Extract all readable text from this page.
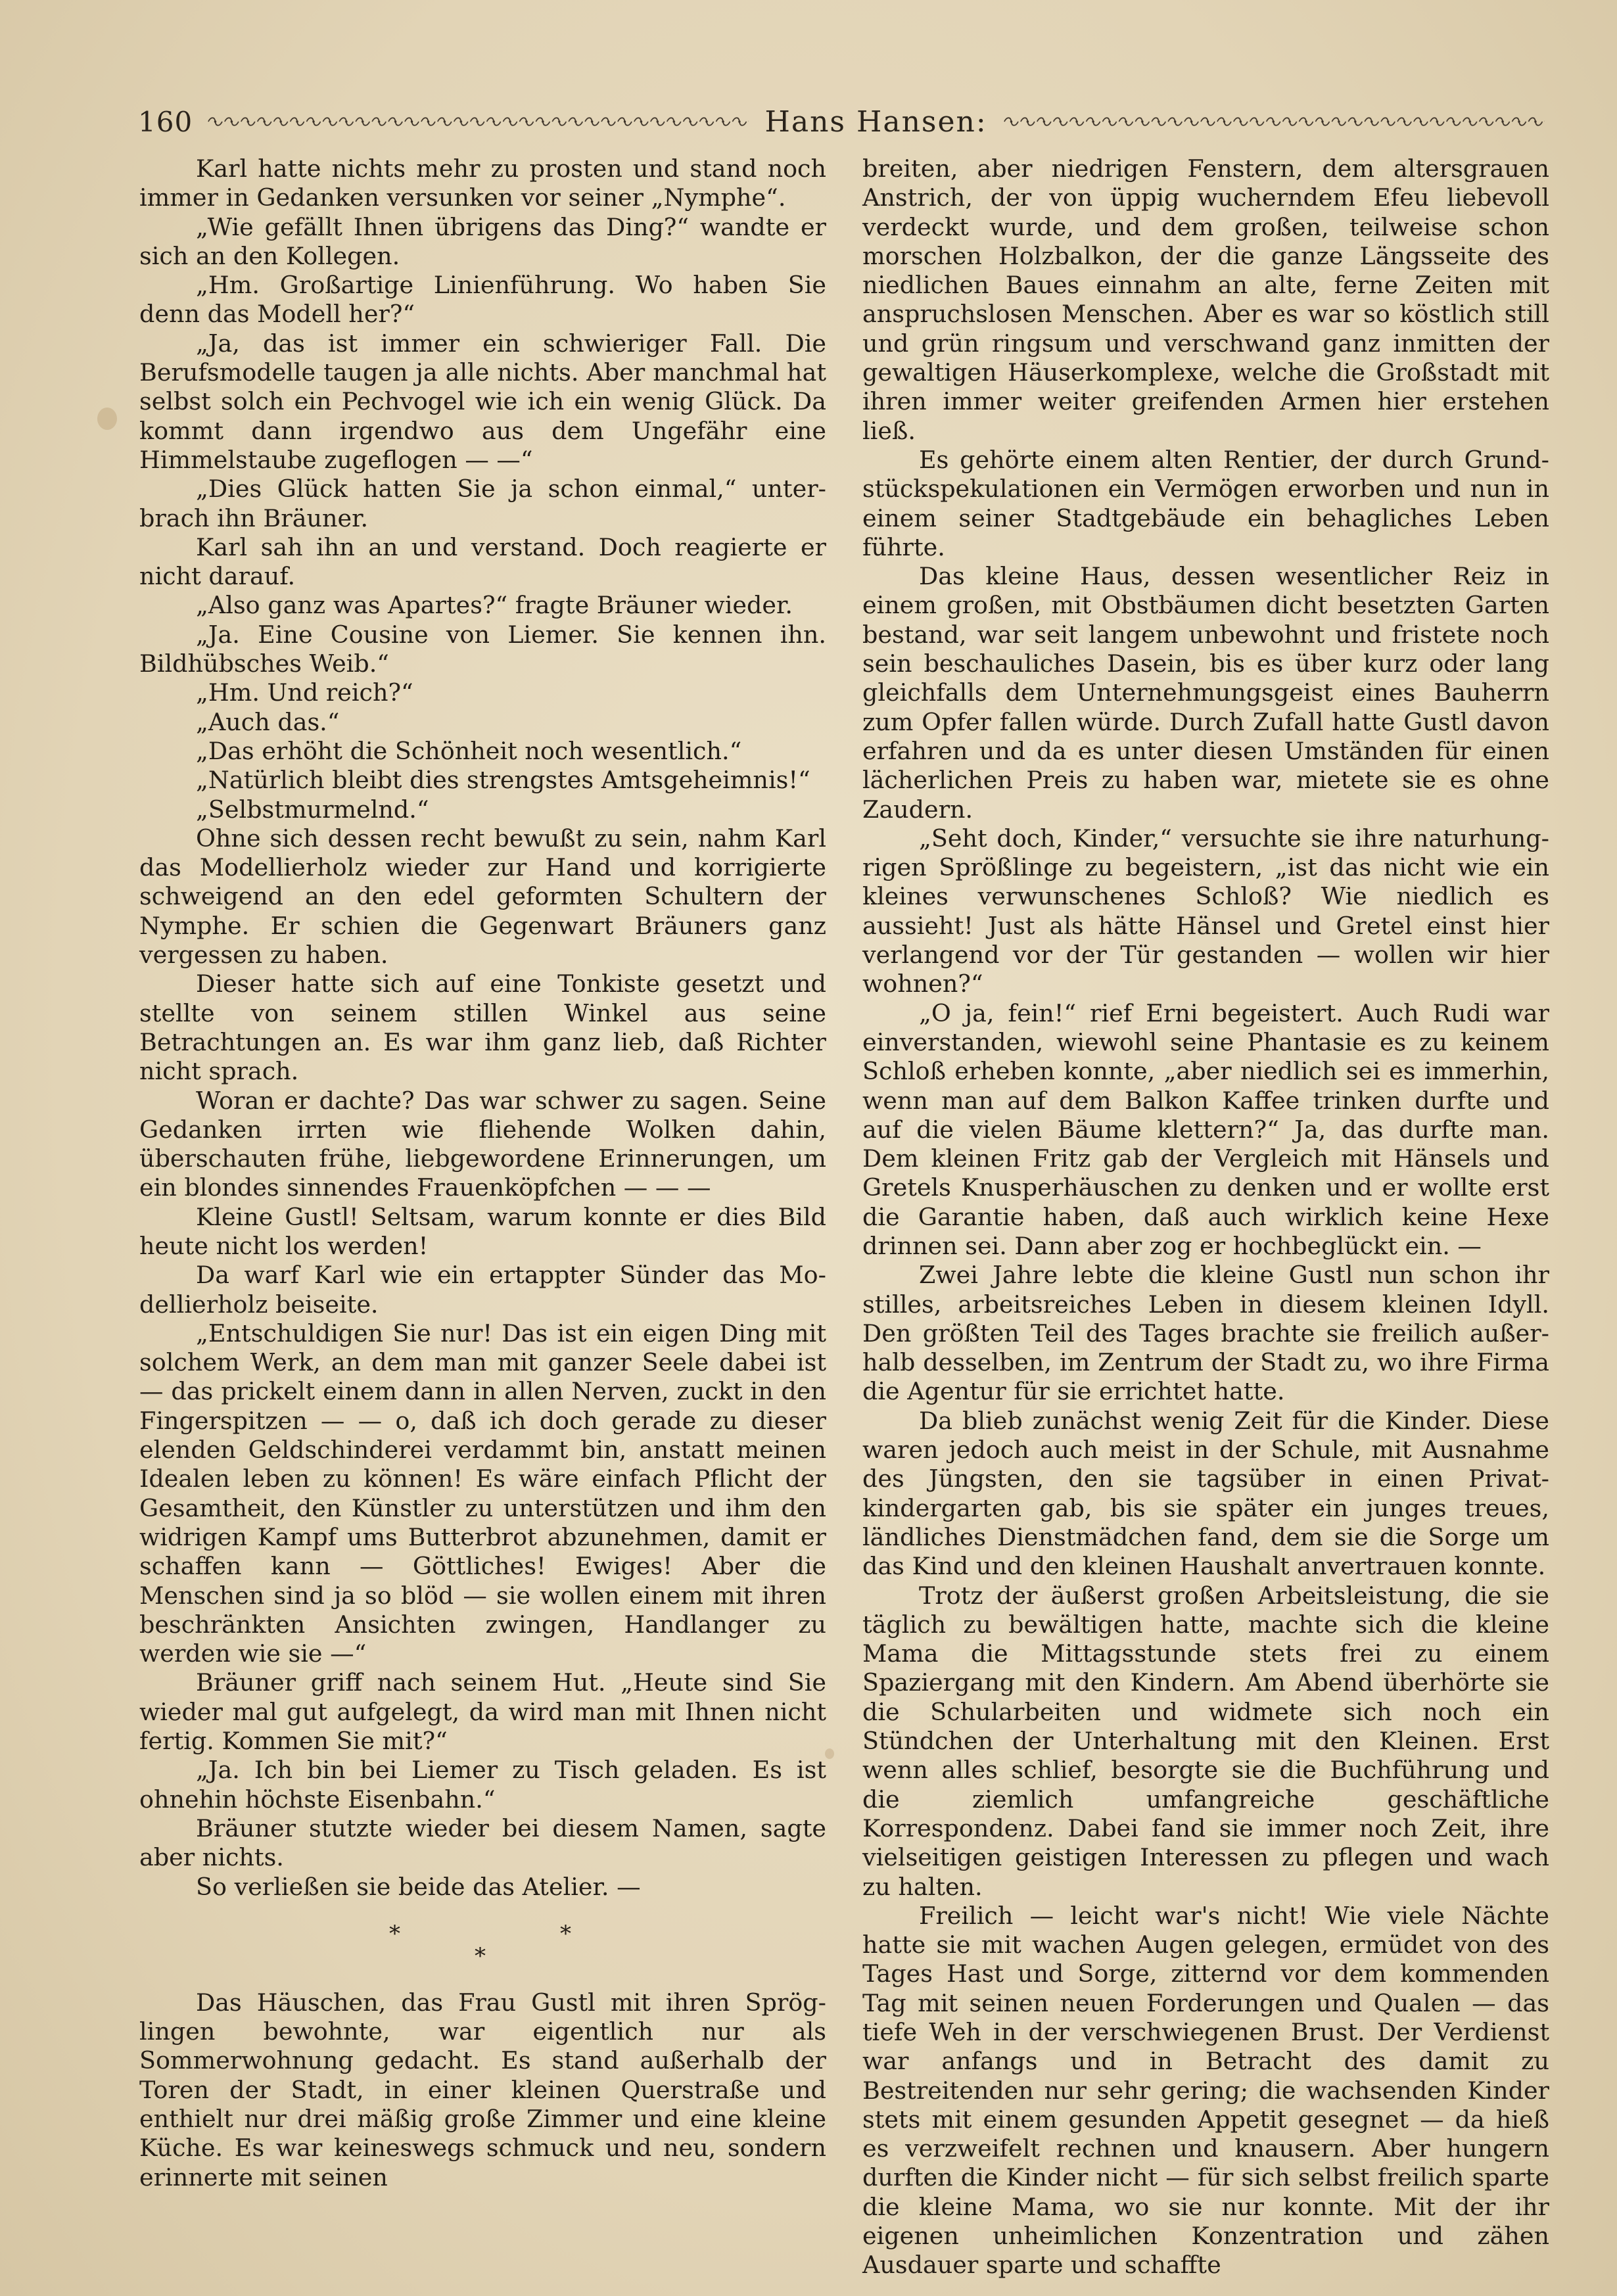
160	Hans Hansen:

Karl hatte nichts mehr zu prosten und stand noch immer in Gedanken versunken vor seiner „Nymphe“.

„Wie gefällt Ihnen übrigens das Ding?“ wandte er sich an den Kollegen.

„Hm. Großartige Linienführung. Wo haben Sie denn das Modell her?“

„Ja, das ist immer ein schwieriger Fall. Die Berufsmodelle taugen ja alle nichts. Aber manchmal hat selbst solch ein Pechvogel wie ich ein wenig Glück. Da kommt dann irgendwo aus dem Ungefähr eine Himmelstaube zugeflogen — —“

„Dies Glück hatten Sie ja schon einmal,“ unterbrach ihn Bräuner.

Karl sah ihn an und verstand. Doch reagierte er nicht darauf.

„Also ganz was Apartes?“ fragte Bräuner wieder.

„Ja. Eine Cousine von Liemer. Sie kennen ihn. Bildhübsches Weib.“

„Hm. Und reich?“

„Auch das.“

„Das erhöht die Schönheit noch wesentlich.“

„Natürlich bleibt dies strengstes Amtsgeheimnis!“

„Selbstmurmelnd.“

Ohne sich dessen recht bewußt zu sein, nahm Karl das Modellierholz wieder zur Hand und korrigierte schweigend an den edel geformten Schultern der Nymphe. Er schien die Gegenwart Bräuners ganz vergessen zu haben.

Dieser hatte sich auf eine Tonkiste gesetzt und stellte von seinem stillen Winkel aus seine Betrachtungen an. Es war ihm ganz lieb, daß Richter nicht sprach.

Woran er dachte? Das war schwer zu sagen. Seine Gedanken irrten wie fliehende Wolken dahin, überschauten frühe, liebgewordene Erinnerungen, um ein blondes sinnendes Frauenköpfchen — — —

Kleine Gustl! Seltsam, warum konnte er dies Bild heute nicht los werden!

Da warf Karl wie ein ertappter Sünder das Modellierholz beiseite.

„Entschuldigen Sie nur! Das ist ein eigen Ding mit solchem Werk, an dem man mit ganzer Seele dabei ist — das prickelt einem dann in allen Nerven, zuckt in den Fingerspitzen — — o, daß ich doch gerade zu dieser elenden Geldschinderei verdammt bin, anstatt meinen Idealen leben zu können! Es wäre einfach Pflicht der Gesamtheit, den Künstler zu unterstützen und ihm den widrigen Kampf ums Butterbrot abzunehmen, damit er schaffen kann — Göttliches! Ewiges! Aber die Menschen sind ja so blöd — sie wollen einem mit ihren beschränkten Ansichten zwingen, Handlanger zu werden wie sie —“

Bräuner griff nach seinem Hut. „Heute sind Sie wieder mal gut aufgelegt, da wird man mit Ihnen nicht fertig. Kommen Sie mit?“

„Ja. Ich bin bei Liemer zu Tisch geladen. Es ist ohnehin höchste Eisenbahn.“

Bräuner stutzte wieder bei diesem Namen, sagte aber nichts.

So verließen sie beide das Atelier. —

*	*
*

Das Häuschen, das Frau Gustl mit ihren Spröglingen bewohnte, war eigentlich nur als Sommerwohnung gedacht. Es stand außerhalb der Toren der Stadt, in einer kleinen Querstraße und enthielt nur drei mäßig große Zimmer und eine kleine Küche. Es war keineswegs schmuck und neu, sondern erinnerte mit seinen

breiten, aber niedrigen Fenstern, dem altersgrauen Anstrich, der von üppig wucherndem Efeu liebevoll verdeckt wurde, und dem großen, teilweise schon morschen Holzbalkon, der die ganze Längsseite des niedlichen Baues einnahm an alte, ferne Zeiten mit anspruchslosen Menschen. Aber es war so köstlich still und grün ringsum und verschwand ganz inmitten der gewaltigen Häuserkomplexe, welche die Großstadt mit ihren immer weiter greifenden Armen hier erstehen ließ.

Es gehörte einem alten Rentier, der durch Grundstückspekulationen ein Vermögen erworben und nun in einem seiner Stadtgebäude ein behagliches Leben führte.

Das kleine Haus, dessen wesentlicher Reiz in einem großen, mit Obstbäumen dicht besetzten Garten bestand, war seit langem unbewohnt und fristete noch sein beschauliches Dasein, bis es über kurz oder lang gleichfalls dem Unternehmungsgeist eines Bauherrn zum Opfer fallen würde. Durch Zufall hatte Gustl davon erfahren und da es unter diesen Umständen für einen lächerlichen Preis zu haben war, mietete sie es ohne Zaudern.

„Seht doch, Kinder,“ versuchte sie ihre naturhungrigen Sprößlinge zu begeistern, „ist das nicht wie ein kleines verwunschenes Schloß? Wie niedlich es aussieht! Just als hätte Hänsel und Gretel einst hier verlangend vor der Tür gestanden — wollen wir hier wohnen?“

„O ja, fein!“ rief Erni begeistert. Auch Rudi war einverstanden, wiewohl seine Phantasie es zu keinem Schloß erheben konnte, „aber niedlich sei es immerhin, wenn man auf dem Balkon Kaffee trinken durfte und auf die vielen Bäume klettern?“ Ja, das durfte man. Dem kleinen Fritz gab der Vergleich mit Hänsels und Gretels Knusperhäuschen zu denken und er wollte erst die Garantie haben, daß auch wirklich keine Hexe drinnen sei. Dann aber zog er hochbeglückt ein. —

Zwei Jahre lebte die kleine Gustl nun schon ihr stilles, arbeitsreiches Leben in diesem kleinen Idyll. Den größten Teil des Tages brachte sie freilich außerhalb desselben, im Zentrum der Stadt zu, wo ihre Firma die Agentur für sie errichtet hatte.

Da blieb zunächst wenig Zeit für die Kinder. Diese waren jedoch auch meist in der Schule, mit Ausnahme des Jüngsten, den sie tagsüber in einen Privatkindergarten gab, bis sie später ein junges treues, ländliches Dienstmädchen fand, dem sie die Sorge um das Kind und den kleinen Haushalt anvertrauen konnte.

Trotz der äußerst großen Arbeitsleistung, die sie täglich zu bewältigen hatte, machte sich die kleine Mama die Mittagsstunde stets frei zu einem Spaziergang mit den Kindern. Am Abend überhörte sie die Schularbeiten und widmete sich noch ein Stündchen der Unterhaltung mit den Kleinen. Erst wenn alles schlief, besorgte sie die Buchführung und die ziemlich umfangreiche geschäftliche Korrespondenz. Dabei fand sie immer noch Zeit, ihre vielseitigen geistigen Interessen zu pflegen und wach zu halten.

Freilich — leicht war's nicht! Wie viele Nächte hatte sie mit wachen Augen gelegen, ermüdet von des Tages Hast und Sorge, zitternd vor dem kommenden Tag mit seinen neuen Forderungen und Qualen — das tiefe Weh in der verschwiegenen Brust. Der Verdienst war anfangs und in Betracht des damit zu Bestreitenden nur sehr gering; die wachsenden Kinder stets mit einem gesunden Appetit gesegnet — da hieß es verzweifelt rechnen und knausern. Aber hungern durften die Kinder nicht — für sich selbst freilich sparte die kleine Mama, wo sie nur konnte. Mit der ihr eigenen unheimlichen Konzentration und zähen Ausdauer sparte und schaffte
